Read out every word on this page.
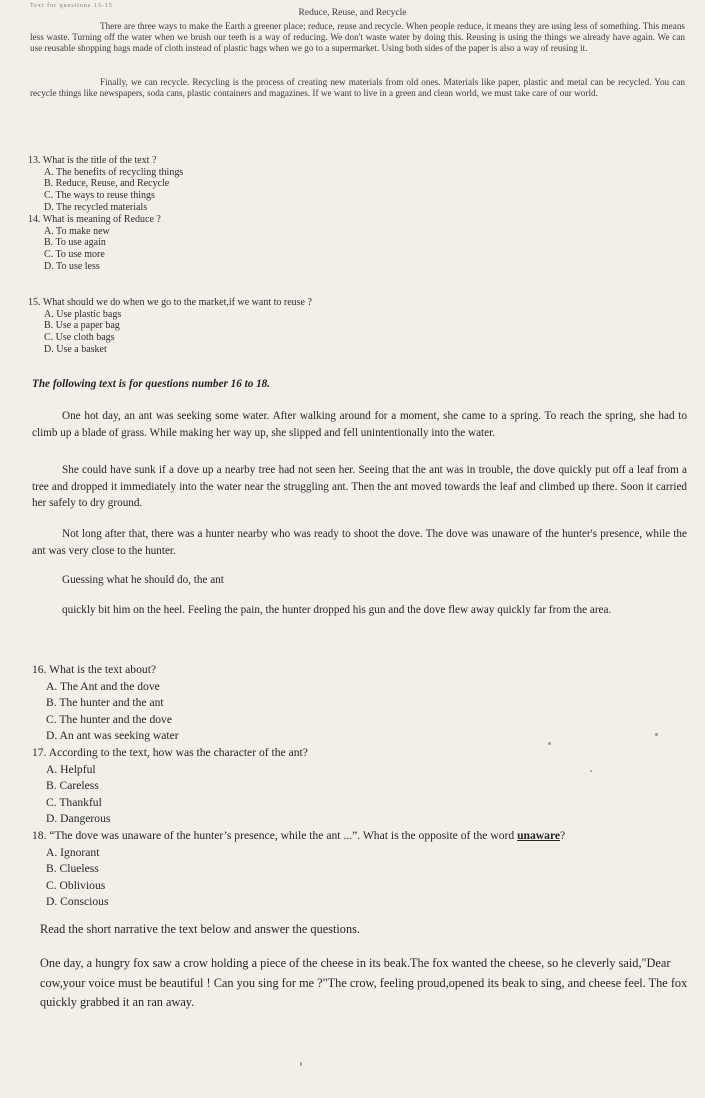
Text for questions 13-15
Reduce, Reuse, and Recycle
There are three ways to make the Earth a greener place; reduce, reuse and recycle. When people reduce, it means they are using less of something. This means less waste. Turning off the water when we brush our teeth is a way of reducing. We don't waste water by doing this. Reusing is using the things we already have again. We can use reusable shopping bags made of cloth instead of plastic bags when we go to a supermarket. Using both sides of the paper is also a way of reusing it.
Finally, we can recycle. Recycling is the process of creating new materials from old ones. Materials like paper, plastic and metal can be recycled. You can recycle things like newspapers, soda cans, plastic containers and magazines. If we want to live in a green and clean world, we must take care of our world.
13. What is the title of the text ?
A. The benefits of recycling things
B. Reduce, Reuse, and Recycle
C. The ways to reuse things
D. The recycled materials
14. What is meaning of Reduce ?
A. To make new
B. To use again
C. To use more
D. To use less
15. What should we do when we go to the market,if we want to reuse ?
A. Use plastic bags
B. Use a paper bag
C. Use cloth bags
D. Use a basket
The following text is for questions number 16 to 18.
One hot day, an ant was seeking some water. After walking around for a moment, she came to a spring. To reach the spring, she had to climb up a blade of grass. While making her way up, she slipped and fell unintentionally into the water.
She could have sunk if a dove up a nearby tree had not seen her. Seeing that the ant was in trouble, the dove quickly put off a leaf from a tree and dropped it immediately into the water near the struggling ant. Then the ant moved towards the leaf and climbed up there. Soon it carried her safely to dry ground.
Not long after that, there was a hunter nearby who was ready to shoot the dove. The dove was unaware of the hunter's presence, while the ant was very close to the hunter.
Guessing what he should do, the ant
quickly bit him on the heel. Feeling the pain, the hunter dropped his gun and the dove flew away quickly far from the area.
16. What is the text about?
A. The Ant and the dove
B. The hunter and the ant
C. The hunter and the dove
D. An ant was seeking water
17. According to the text, how was the character of the ant?
A. Helpful
B. Careless
C. Thankful
D. Dangerous
18. “The dove was unaware of the hunter’s presence, while the ant ...”. What is the opposite of the word unaware?
A. Ignorant
B. Clueless
C. Oblivious
D. Conscious
Read the short narrative the text below and answer the questions.
One day, a hungry fox saw a crow holding a piece of the cheese in its beak.The fox wanted the cheese, so he cleverly said,"Dear cow,your voice must be beautiful ! Can you sing for me ?"The crow, feeling proud,opened its beak to sing, and cheese feel. The fox quickly grabbed it an ran away.
